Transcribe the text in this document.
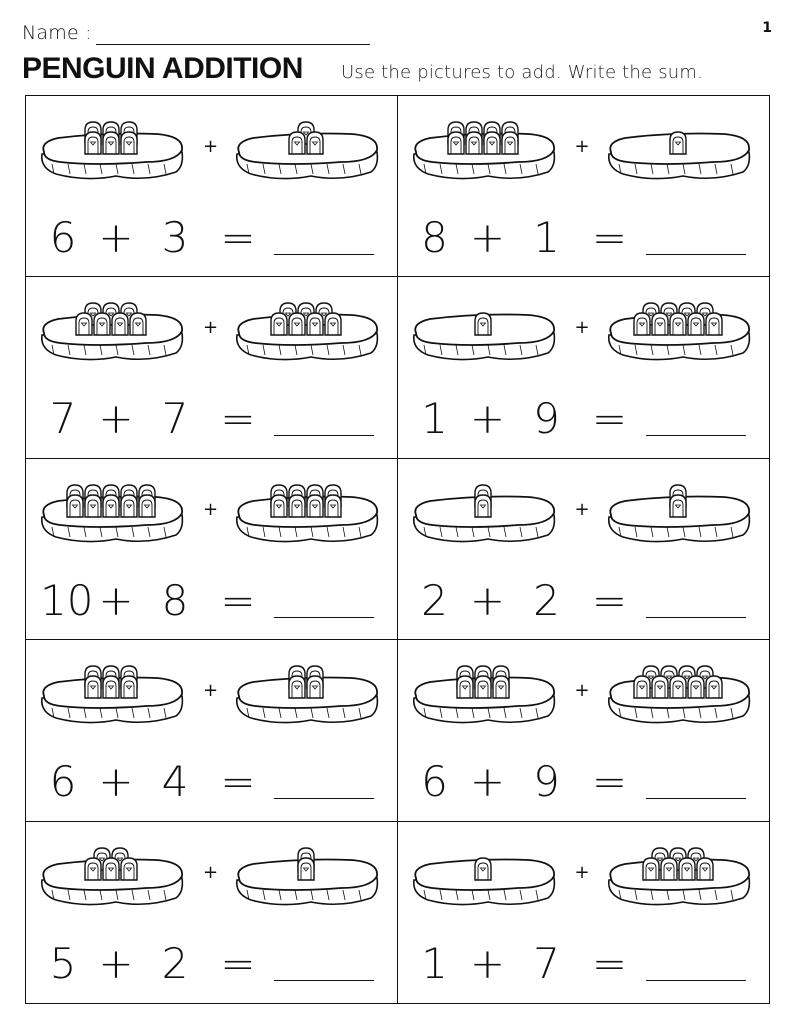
Name :	1
PENGUIN ADDITION Use the pictures to add. Write the sum.
+
6 + 3 =
+
8 + 1 =
+
7 + 7 =
+
1 + 9 =
+
10 + 8 =
+
2 + 2 =
+
6 + 4 =
+
6 + 9 =
+
5 + 2 =
+
1 + 7 =
